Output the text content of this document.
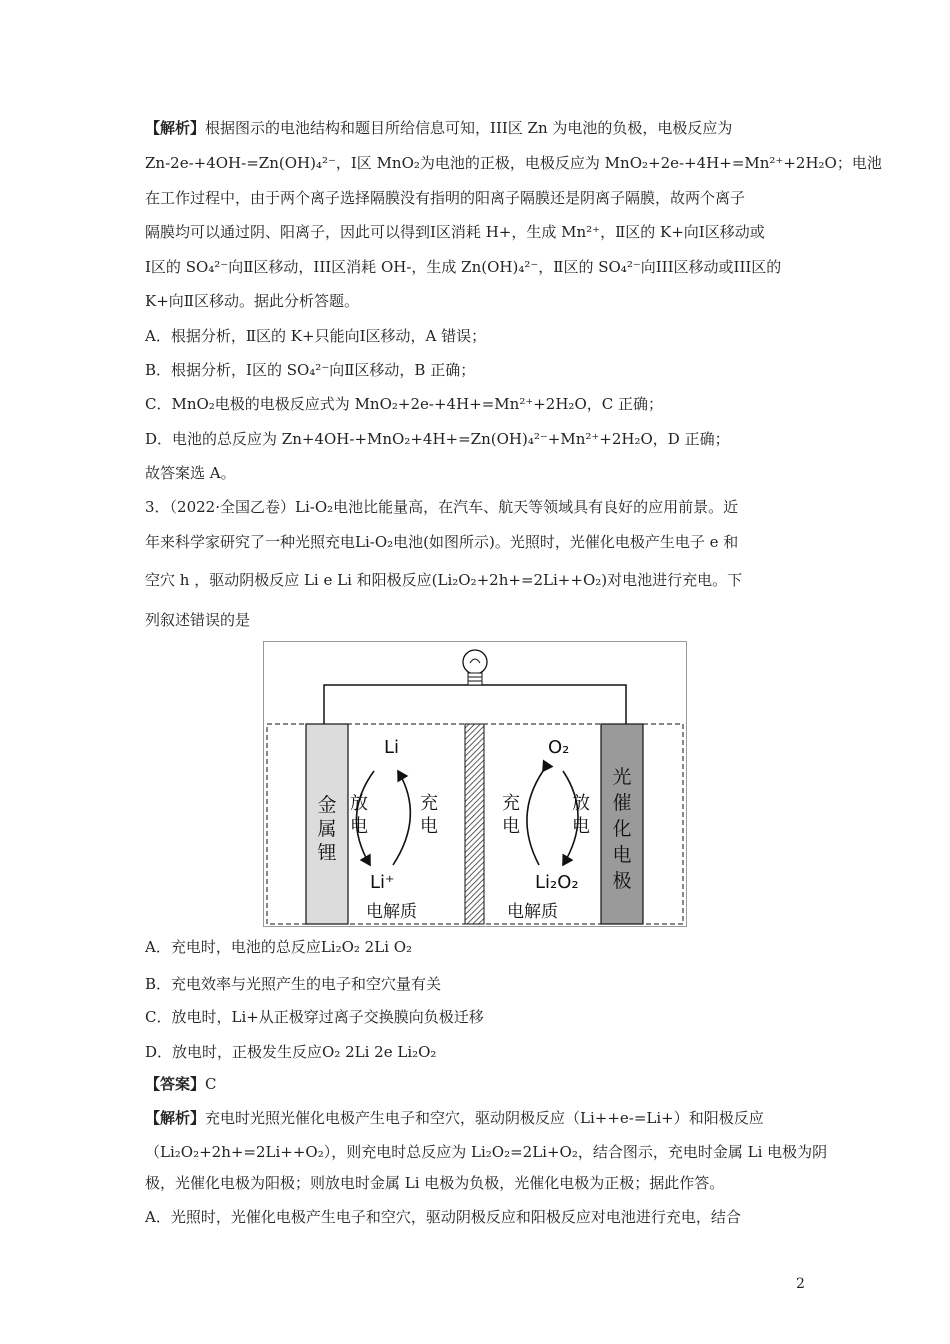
【解析】根据图示的电池结构和题目所给信息可知，III区 Zn 为电池的负极，电极反应为
Zn-2e-+4OH-=Zn(OH)₄²⁻，Ⅰ区 MnO₂为电池的正极，电极反应为 MnO₂+2e-+4H+=Mn²⁺+2H₂O；电池
在工作过程中，由于两个离子选择隔膜没有指明的阳离子隔膜还是阴离子隔膜，故两个离子
隔膜均可以通过阴、阳离子，因此可以得到Ⅰ区消耗 H+，生成 Mn²⁺，Ⅱ区的 K+向Ⅰ区移动或
Ⅰ区的 SO₄²⁻向Ⅱ区移动，III区消耗 OH-，生成 Zn(OH)₄²⁻，Ⅱ区的 SO₄²⁻向III区移动或III区的
K+向Ⅱ区移动。据此分析答题。
A．根据分析，Ⅱ区的 K+只能向Ⅰ区移动，A 错误；
B．根据分析，Ⅰ区的 SO₄²⁻向Ⅱ区移动，B 正确；
C．MnO₂电极的电极反应式为 MnO₂+2e-+4H+=Mn²⁺+2H₂O，C 正确；
D．电池的总反应为 Zn+4OH-+MnO₂+4H+=Zn(OH)₄²⁻+Mn²⁺+2H₂O，D 正确；
故答案选 A。
3．（2022·全国乙卷）Li-O₂电池比能量高，在汽车、航天等领域具有良好的应用前景。近
年来科学家研究了一种光照充电Li-O₂电池(如图所示)。光照时，光催化电极产生电子 e 和
空穴 h ，驱动阴极反应 Li e Li 和阳极反应(Li₂O₂+2h+=2Li++O₂)对电池进行充电。下
列叙述错误的是
A．充电时，电池的总反应Li₂O₂ 2Li O₂
B．充电效率与光照产生的电子和空穴量有关
C．放电时，Li+从正极穿过离子交换膜向负极迁移
D．放电时，正极发生反应O₂ 2Li 2e Li₂O₂
【答案】C
【解析】充电时光照光催化电极产生电子和空穴，驱动阴极反应（Li++e-=Li+）和阳极反应
（Li₂O₂+2h+=2Li++O₂），则充电时总反应为 Li₂O₂=2Li+O₂，结合图示，充电时金属 Li 电极为阴
极，光催化电极为阳极；则放电时金属 Li 电极为负极，光催化电极为正极；据此作答。
A．光照时，光催化电极产生电子和空穴，驱动阴极反应和阳极反应对电池进行充电，结合
金
属
锂
光
催
化
电
极
Li
Li⁺
放
电
充
电
O₂
Li₂O₂
充
电
放
电
电解质	电解质
2
